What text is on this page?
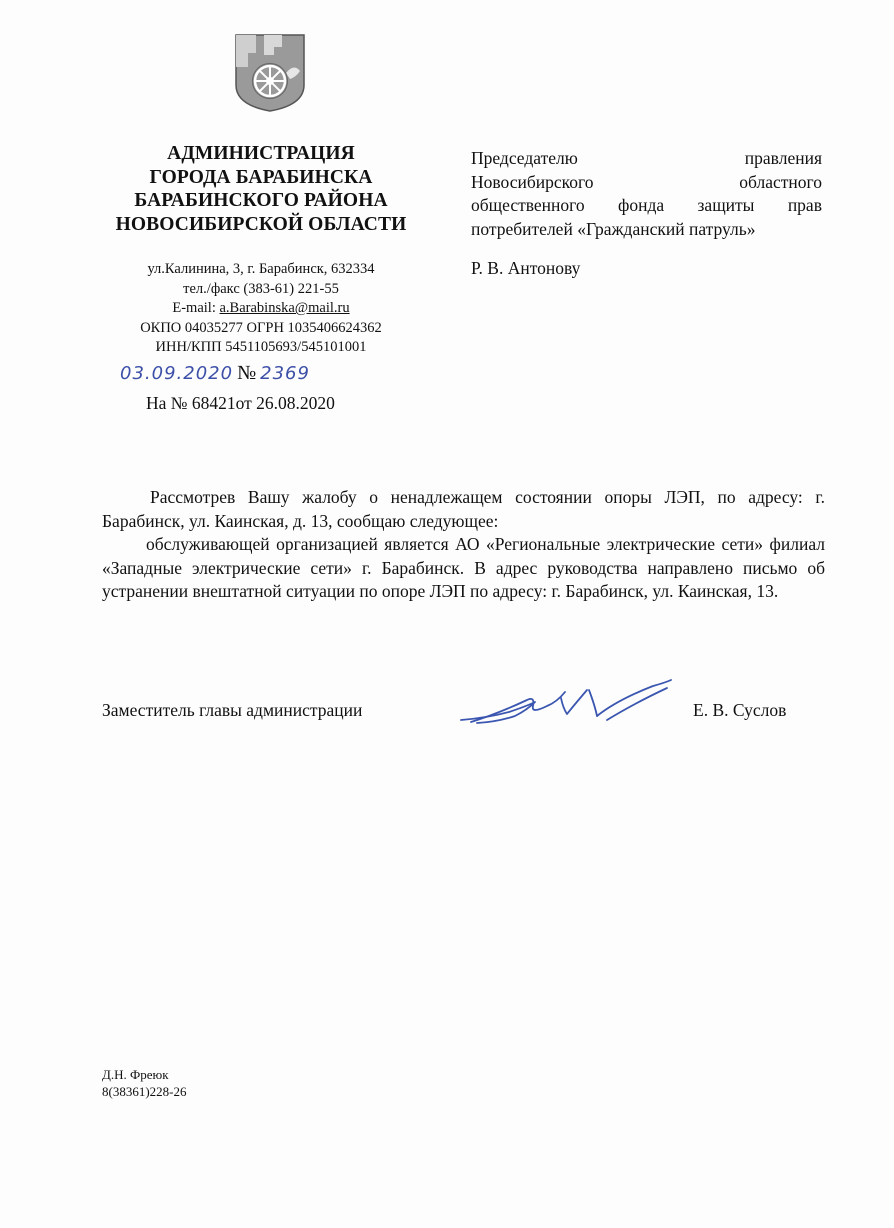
АДМИНИСТРАЦИЯ
ГОРОДА БАРАБИНСКА
БАРАБИНСКОГО РАЙОНА
НОВОСИБИРСКОЙ ОБЛАСТИ
ул.Калинина, 3, г. Барабинск, 632334
тел./факс (383-61) 221-55
E-mail: a.Barabinska@mail.ru
ОКПО 04035277 ОГРН 1035406624362
ИНН/КПП 5451105693/545101001
03.09.2020 № 2369
На № 68421от 26.08.2020
Председателю	правления
Новосибирского	областного
общественного фонда защиты прав
потребителей «Гражданский патруль»
Р. В. Антонову

Рассмотрев Вашу жалобу о ненадлежащем состоянии опоры ЛЭП, по адресу: г. Барабинск, ул. Каинская, д. 13, сообщаю следующее:

обслуживающей организацией является АО «Региональные электрические сети» филиал «Западные электрические сети» г. Барабинск. В адрес руководства направлено письмо об устранении внештатной ситуации по опоре ЛЭП по адресу: г. Барабинск, ул. Каинская, 13.

Заместитель главы администрации	Е. В. Суслов
Д.Н. Фреюк
8(38361)228-26
